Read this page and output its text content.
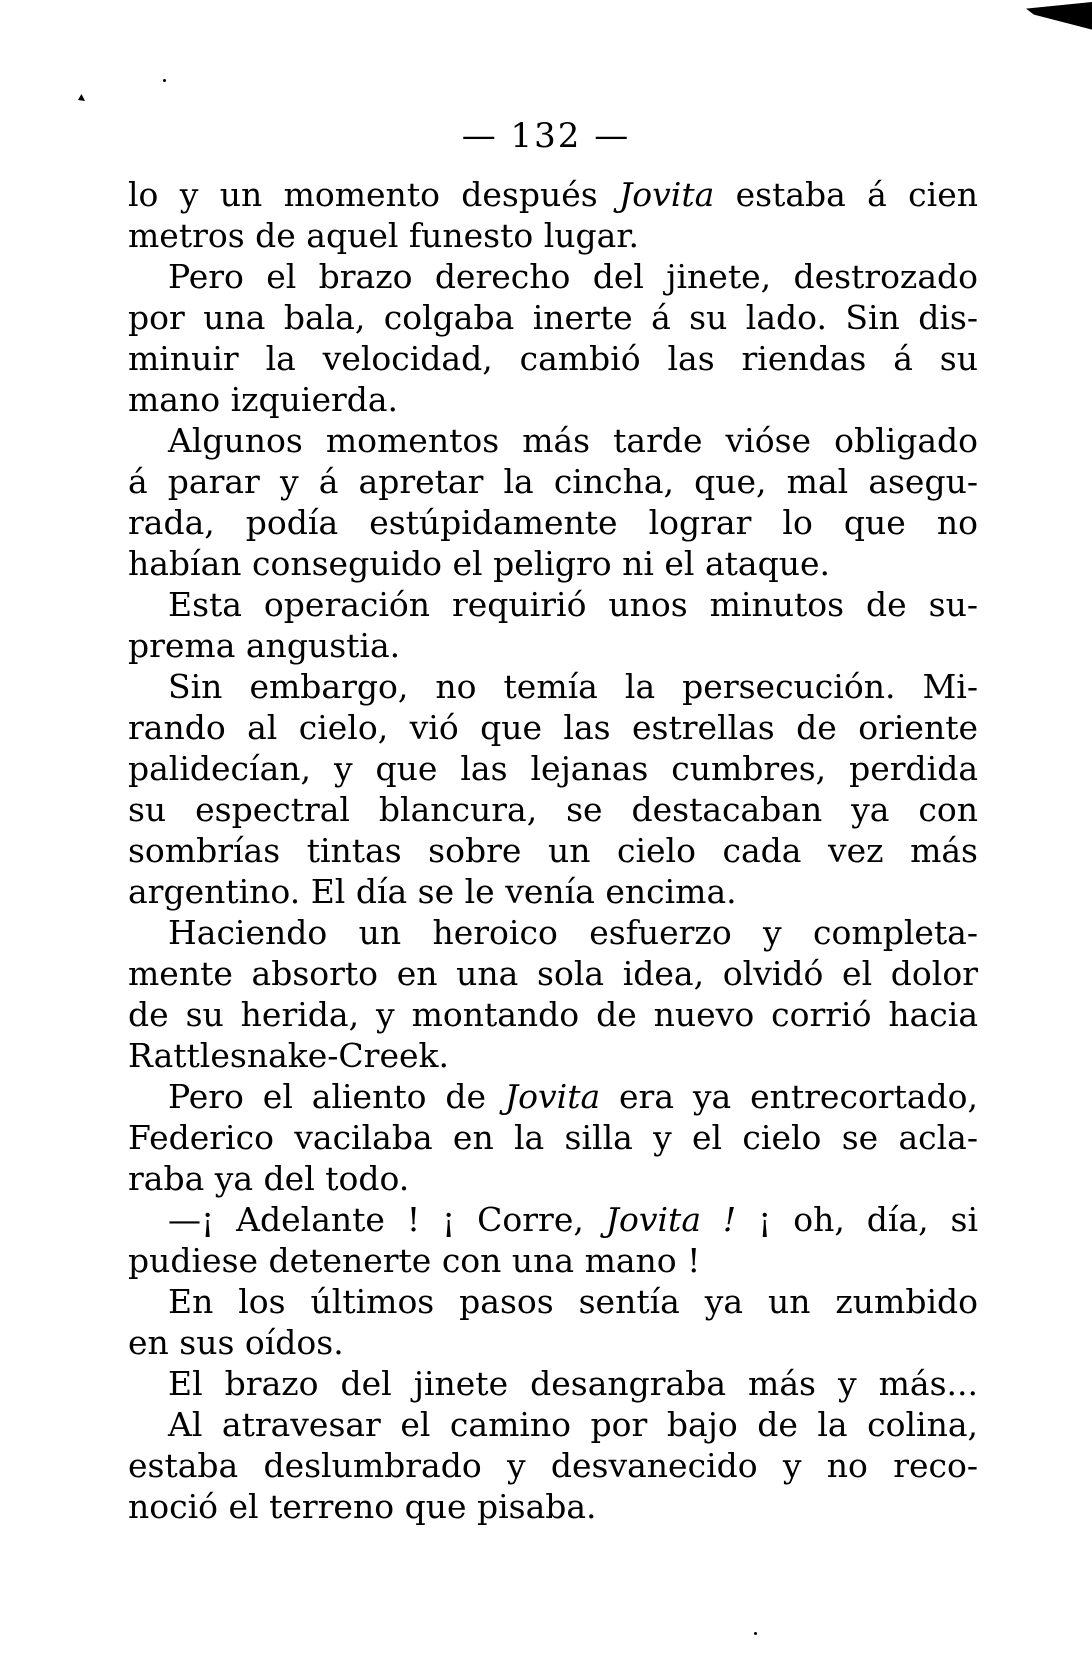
— 132 —
lo y un momento después Jovita estaba á cien
metros de aquel funesto lugar.
Pero el brazo derecho del jinete, destrozado
por una bala, colgaba inerte á su lado. Sin dis-
minuir la velocidad, cambió las riendas á su
mano izquierda.
Algunos momentos más tarde vióse obligado
á parar y á apretar la cincha, que, mal asegu-
rada, podía estúpidamente lograr lo que no
habían conseguido el peligro ni el ataque.
Esta operación requirió unos minutos de su-
prema angustia.
Sin embargo, no temía la persecución. Mi-
rando al cielo, vió que las estrellas de oriente
palidecían, y que las lejanas cumbres, perdida
su espectral blancura, se destacaban ya con
sombrías tintas sobre un cielo cada vez más
argentino. El día se le venía encima.
Haciendo un heroico esfuerzo y completa-
mente absorto en una sola idea, olvidó el dolor
de su herida, y montando de nuevo corrió hacia
Rattlesnake-Creek.
Pero el aliento de Jovita era ya entrecortado,
Federico vacilaba en la silla y el cielo se acla-
raba ya del todo.
—¡ Adelante ! ¡ Corre, Jovita ! ¡ oh, día, si
pudiese detenerte con una mano !
En los últimos pasos sentía ya un zumbido
en sus oídos.
El brazo del jinete desangraba más y más...
Al atravesar el camino por bajo de la colina,
estaba deslumbrado y desvanecido y no reco-
noció el terreno que pisaba.
